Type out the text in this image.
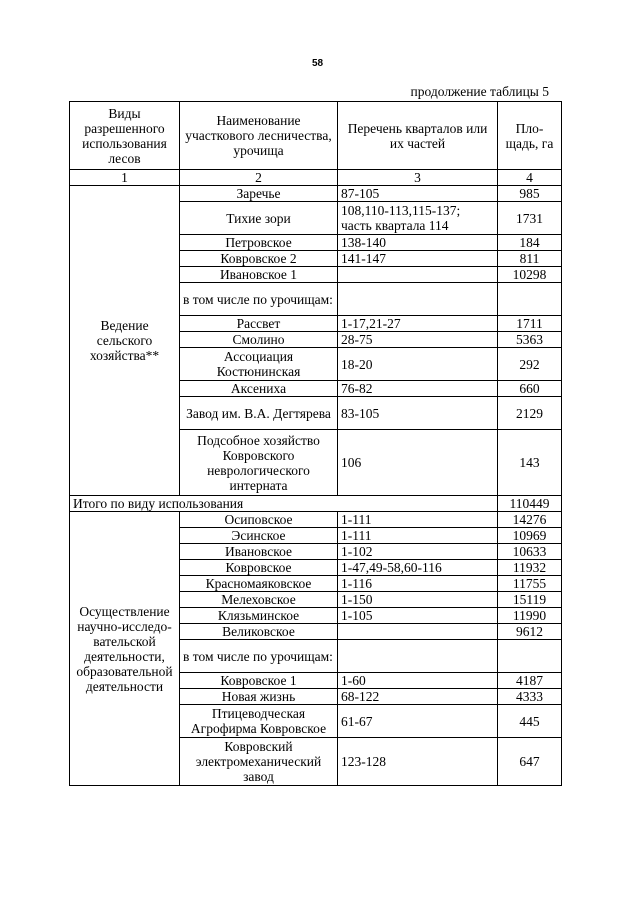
58
продолжение таблицы 5
Виды разрешенного использования лесов	Наименование участкового лесничества, урочища	Перечень кварталов или их частей	Пло-щадь, га
1	2	3	4
Ведение сельского хозяйства**	Заречье	87-105	985
	Тихие зори	108,110-113,115-137; часть квартала 114	1731
	Петровское	138-140	184
	Ковровское 2	141-147	811
	Ивановское 1		10298
	в том числе по урочищам:		
	Рассвет	1-17,21-27	1711
	Смолино	28-75	5363
	Ассоциация Костюнинская	18-20	292
	Аксениха	76-82	660
	Завод им. В.А. Дегтярева	83-105	2129
	Подсобное хозяйство Ковровского неврологического интерната	106	143
Итого по виду использования			110449
Осуществление научно-исследо-вательской деятельности, образовательной деятельности	Осиповское	1-111	14276
	Эсинское	1-111	10969
	Ивановское	1-102	10633
	Ковровское	1-47,49-58,60-116	11932
	Красномаяковское	1-116	11755
	Мелеховское	1-150	15119
	Клязьминское	1-105	11990
	Великовское		9612
	в том числе по урочищам:		
	Ковровское 1	1-60	4187
	Новая жизнь	68-122	4333
	Птицеводческая Агрофирма Ковровское	61-67	445
	Ковровский электромеханический завод	123-128	647
